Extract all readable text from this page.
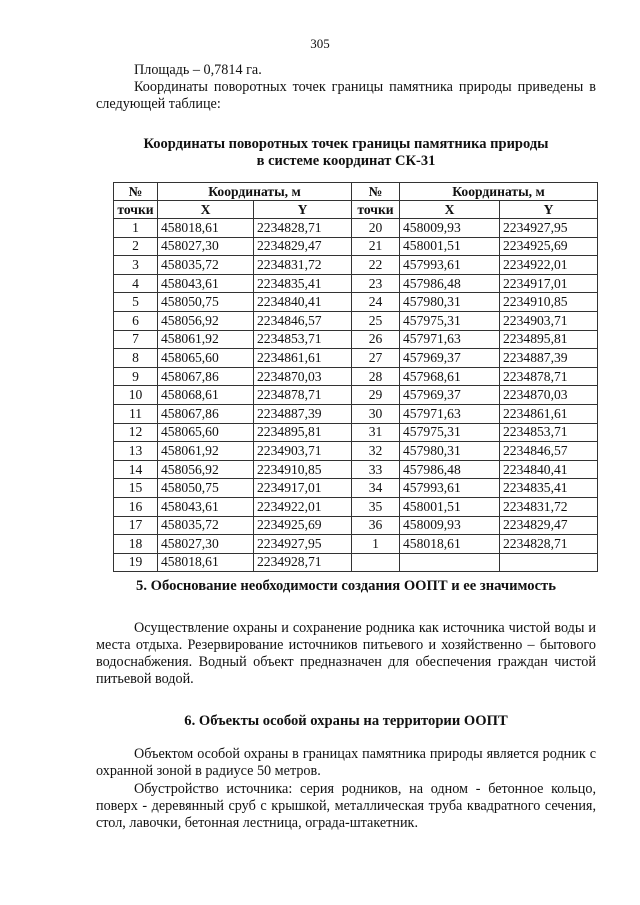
305

Площадь – 0,7814 га.

Координаты поворотных точек границы памятника природы приведены в следующей таблице:

Координаты поворотных точек границы памятника природы
в системе координат СК-31
№	Координаты, м		№	Координаты, м	
точки	X	Y	точки	X	Y
1	458018,61	2234828,71	20	458009,93	2234927,95
2	458027,30	2234829,47	21	458001,51	2234925,69
3	458035,72	2234831,72	22	457993,61	2234922,01
4	458043,61	2234835,41	23	457986,48	2234917,01
5	458050,75	2234840,41	24	457980,31	2234910,85
6	458056,92	2234846,57	25	457975,31	2234903,71
7	458061,92	2234853,71	26	457971,63	2234895,81
8	458065,60	2234861,61	27	457969,37	2234887,39
9	458067,86	2234870,03	28	457968,61	2234878,71
10	458068,61	2234878,71	29	457969,37	2234870,03
11	458067,86	2234887,39	30	457971,63	2234861,61
12	458065,60	2234895,81	31	457975,31	2234853,71
13	458061,92	2234903,71	32	457980,31	2234846,57
14	458056,92	2234910,85	33	457986,48	2234840,41
15	458050,75	2234917,01	34	457993,61	2234835,41
16	458043,61	2234922,01	35	458001,51	2234831,72
17	458035,72	2234925,69	36	458009,93	2234829,47
18	458027,30	2234927,95	1	458018,61	2234828,71
19	458018,61	2234928,71			
5. Обоснование необходимости создания ООПТ и ее значимость

Осуществление охраны и сохранение родника как источника чистой воды и места отдыха. Резервирование источников питьевого и хозяйственно – бытового водоснабжения. Водный объект предназначен для обеспечения граждан чистой питьевой водой.

6. Объекты особой охраны на территории ООПТ

Объектом особой охраны в границах памятника природы является родник с охранной зоной в радиусе 50 метров.

Обустройство источника: серия родников, на одном - бетонное кольцо, поверх - деревянный сруб с крышкой, металлическая труба квадратного сечения, стол, лавочки, бетонная лестница, ограда-штакетник.
